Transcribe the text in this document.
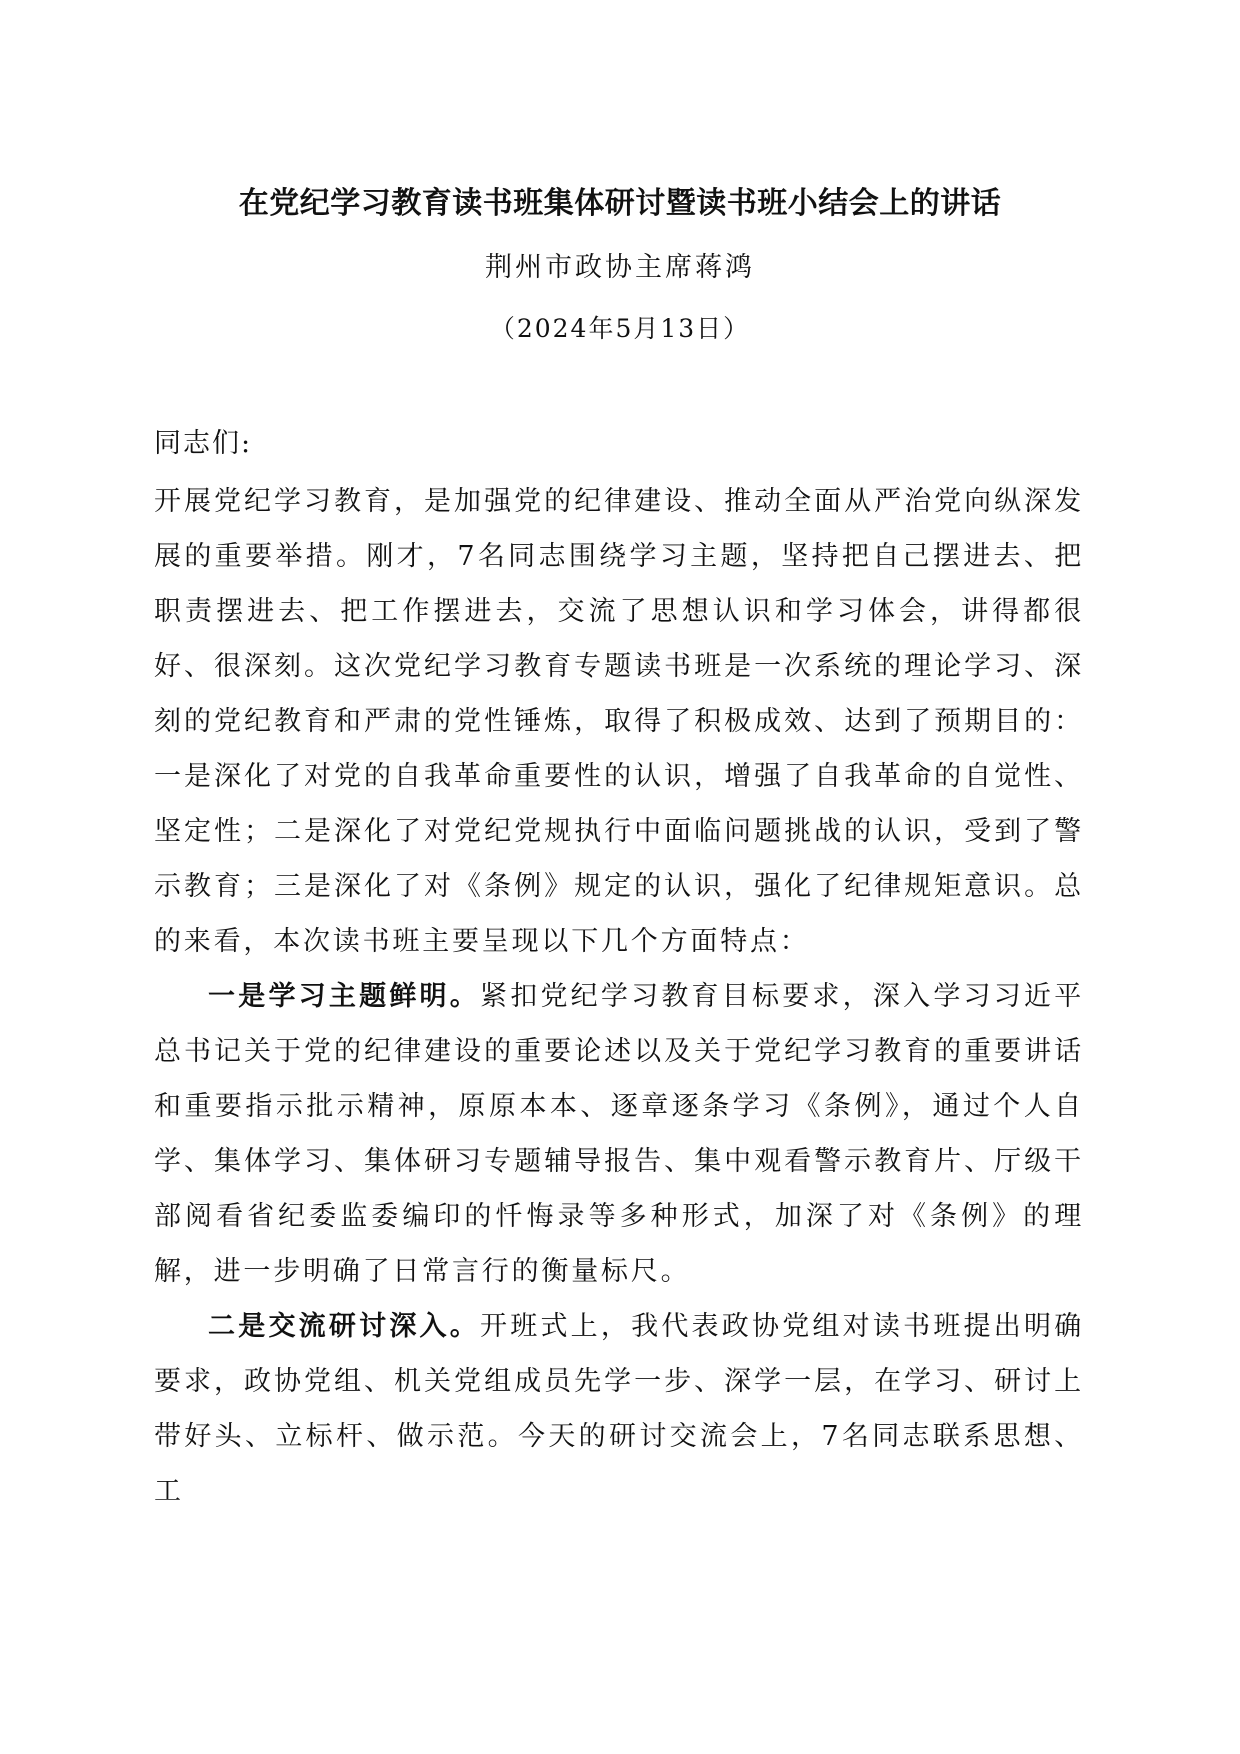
在党纪学习教育读书班集体研讨暨读书班小结会上的讲话
荆州市政协主席蒋鸿
（2024年5月13日）
同志们:

开展党纪学习教育，是加强党的纪律建设、推动全面从严治党向纵深发展的重要举措。刚才，7名同志围绕学习主题，坚持把自己摆进去、把职责摆进去、把工作摆进去，交流了思想认识和学习体会，讲得都很好、很深刻。这次党纪学习教育专题读书班是一次系统的理论学习、深刻的党纪教育和严肃的党性锤炼，取得了积极成效、达到了预期目的：一是深化了对党的自我革命重要性的认识，增强了自我革命的自觉性、坚定性；二是深化了对党纪党规执行中面临问题挑战的认识，受到了警示教育；三是深化了对《条例》规定的认识，强化了纪律规矩意识。总的来看，本次读书班主要呈现以下几个方面特点：

一是学习主题鲜明。紧扣党纪学习教育目标要求，深入学习习近平总书记关于党的纪律建设的重要论述以及关于党纪学习教育的重要讲话和重要指示批示精神，原原本本、逐章逐条学习《条例》，通过个人自学、集体学习、集体研习专题辅导报告、集中观看警示教育片、厅级干部阅看省纪委监委编印的忏悔录等多种形式，加深了对《条例》的理解，进一步明确了日常言行的衡量标尺。

二是交流研讨深入。开班式上，我代表政协党组对读书班提出明确要求，政协党组、机关党组成员先学一步、深学一层，在学习、研讨上带好头、立标杆、做示范。今天的研讨交流会上，7名同志联系思想、工
